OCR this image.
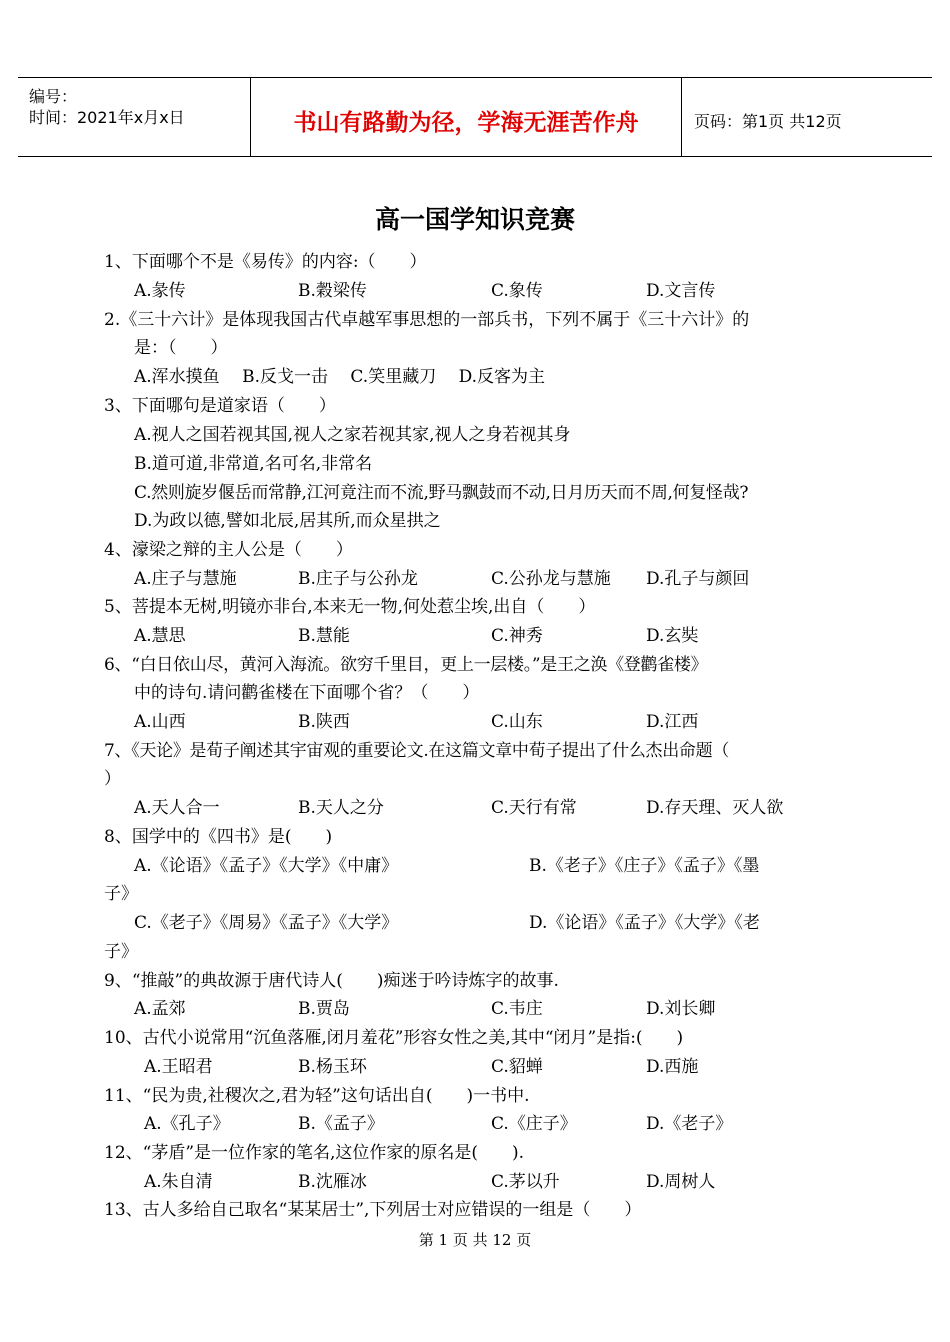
编号：
时间：2021年x月x日	书山有路勤为径，学海无涯苦作舟	页码：第1页 共12页
高一国学知识竞赛
1、下面哪个不是《易传》的内容:（　　）
A.彖传	B.穀梁传	C.象传	D.文言传
2.《三十六计》是体现我国古代卓越军事思想的一部兵书，下列不属于《三十六计》的
是：（　　）
A.浑水摸鱼　 B.反戈一击　 C.笑里藏刀　 D.反客为主
3、下面哪句是道家语（　　）
A.视人之国若视其国,视人之家若视其家,视人之身若视其身
B.道可道,非常道,名可名,非常名
C.然则旋岁偃岳而常静,江河竟注而不流,野马飘鼓而不动,日月历天而不周,何复怪哉?
D.为政以德,譬如北辰,居其所,而众星拱之
4、濠梁之辩的主人公是（　　）
A.庄子与慧施	B.庄子与公孙龙	C.公孙龙与慧施 D.孔子与颜回
5、菩提本无树,明镜亦非台,本来无一物,何处惹尘埃,出自（　　）
A.慧思	B.慧能	C.神秀	D.玄奘
6、“白日依山尽，黄河入海流。欲穷千里目，更上一层楼。”是王之涣《登鹳雀楼》
中的诗句.请问鹳雀楼在下面哪个省？（　　）
A.山西	B.陕西	C.山东	D.江西
7、《天论》是荀子阐述其宇宙观的重要论文.在这篇文章中荀子提出了什么杰出命题（
）
A.天人合一	B.天人之分	C.天行有常	D.存天理、灭人欲
8、国学中的《四书》是(　　)
A.《论语》《孟子》《大学》《中庸》	B.《老子》《庄子》《孟子》《墨
子》
C.《老子》《周易》《孟子》《大学》	D.《论语》《孟子》《大学》《老
子》
9、“推敲”的典故源于唐代诗人(　　)痴迷于吟诗炼字的故事.
A.孟郊	B.贾岛	C.韦庄	D.刘长卿
10、古代小说常用“沉鱼落雁,闭月羞花”形容女性之美,其中“闭月”是指:(　　)
A.王昭君	B.杨玉环	C.貂蝉	D.西施
11、“民为贵,社稷次之,君为轻”这句话出自(　　)一书中.
A.《孔子》	B.《孟子》	C.《庄子》	D.《老子》
12、“茅盾”是一位作家的笔名,这位作家的原名是(　　).
A.朱自清	B.沈雁冰	C.茅以升	D.周树人
13、古人多给自己取名“某某居士”,下列居士对应错误的一组是（　　）
第 1 页 共 12 页
